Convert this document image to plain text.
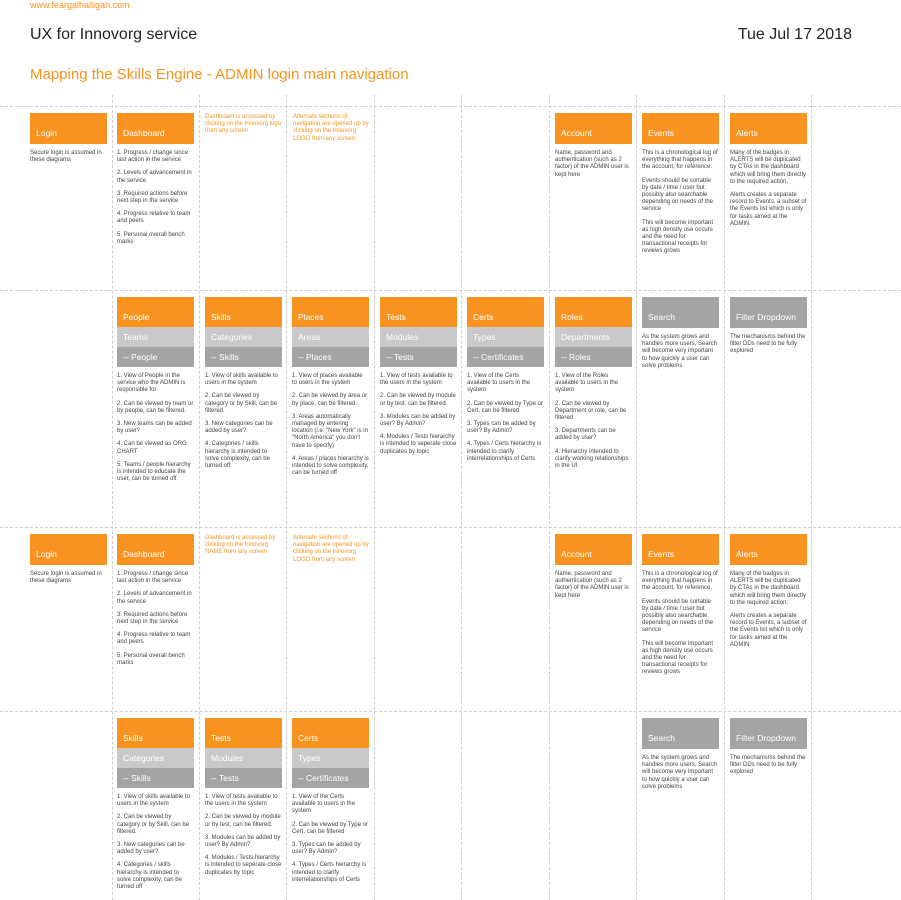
www.feargalhalligan.com
UX for Innovorg service	Tue Jul 17 2018
Mapping the Skills Engine - ADMIN login main navigation
Login

Secure login is assumed in these diagrams

Dashboard

1. Progress / change since last action in the service

2. Levels of advancement in the service

3. Required actions before next step in the service

4. Progress relative to team and peers

5. Personal overall bench marks

Dashboard is accessed by clicking on the Innovorg logo from any screen
Alternate sections of navigation are opened up by clicking on the Innovorg LOGO from any screen
Account

Name, password and authentication (such as 2 factor) of the ADMIN user is kept here

Events

This is a chronological log of everything that happens in the account, for reference.

Events should be sortable by date / time / user but possibly also searchable depending on needs of the service

This will become important as high density use occurs and the need for transactional receipts for reviews grows

Alerts

Many of the badges in ALERTS will be duplicated by CTAs in the dashboard which will bring them directly to the required action.

Alerts creates a separate record to Events, a subset of the Events list which is only for tasks aimed at the ADMIN

People
Teams
-- People

1. View of People in the service who the ADMIN is responsible for

2. Can be viewed by team or by people, can be filtered.

3. New teams can be added by user?

4. Can be viewed as ORG CHART

5. Teams / people hierarchy is intended to educate the user, can be turned off

Skills
Categories
-- Skills

1. View of skills available to users in the system

2. Can be viewed by category or by Skill, can be filtered.

3. New categories can be added by user?

4. Categories / skills hierarchy is intended to solve complexity, can be turned off

Places
Areas
-- Places

1. View of places available to users in the system

2. Can be viewed by area or by place, can be filtered.

3. Areas automatically managed by entering location (i.e. "New York" is in "North America" you don't have to specify)

4. Areas / places hierarchy is intended to solve complexity, can be turned off

Tests
Modules
-- Tests

1. View of tests available to the users in the system

2. Can be viewed by module or by test, can be filtered.

3. Modules can be added by user? By Admin?

4. Modules / Tests hierarchy is intended to seperate close duplicates by topic

Certs
Types
-- Certificates

1. View of the Certs available to users in the system

2. Can be viewed by Type or Cert, can be filtered

3. Types can be added by user? By Admin?

4. Types / Certs hierarchy is intended to clarify interrelationships of Certs

Roles
Departments
-- Roles

1. View of the Roles available to users in the system

2. Can be viewed by Department or role, can be filtered

3. Departments can be added by user?

4. Hierarchy intended to clarify working relationships in the UI

Search

As the system grows and handles more users, Search will become very important to how quickly a user can solve problems

Filter Dropdown

The mechanisms behind the filter DDs need to be fully explored

Login

Secure login is assumed in these diagrams

Dashboard

1. Progress / change since last action in the service

2. Levels of advancement in the service

3. Required actions before next step in the service

4. Progress relative to team and peers

5. Personal overall bench marks

Dashboard is accessed by clicking on the Innovorg NAME from any screen
Alternate sections of navigation are opened up by clicking on the Innovorg LOGO from any screen
Account

Name, password and authentication (such as 2 factor) of the ADMIN user is kept here

Events

This is a chronological log of everything that happens in the account, for reference.

Events should be sortable by date / time / user but possibly also searchable depending on needs of the service

This will become important as high density use occurs and the need for transactional receipts for reviews grows

Alerts

Many of the badges in ALERTS will be duplicated by CTAs in the dashboard which will bring them directly to the required action.

Alerts creates a separate record to Events, a subset of the Events list which is only for tasks aimed at the ADMIN

Skills
Categories
-- Skills

1. View of skills available to users in the system

2. Can be viewed by category or by Skill, can be filtered.

3. New categories can be added by user?

4. Categories / skills hierarchy is intended to solve complexity, can be turned off

Tests
Modules
-- Tests

1. View of tests available to the users in the system

2. Can be viewed by module or by test, can be filtered.

3. Modules can be added by user? By Admin?

4. Modules / Tests hierarchy is intended to seperate close duplicates by topic

Certs
Types
-- Certificates

1. View of the Certs available to users in the system

2. Can be viewed by Type or Cert, can be filtered

3. Types can be added by user? By Admin?

4. Types / Certs hierarchy is intended to clarify interrelationships of Certs

Search

As the system grows and handles more users, Search will become very important to how quickly a user can solve problems

Filter Dropdown

The mechanisms behind the filter DDs need to be fully explored
